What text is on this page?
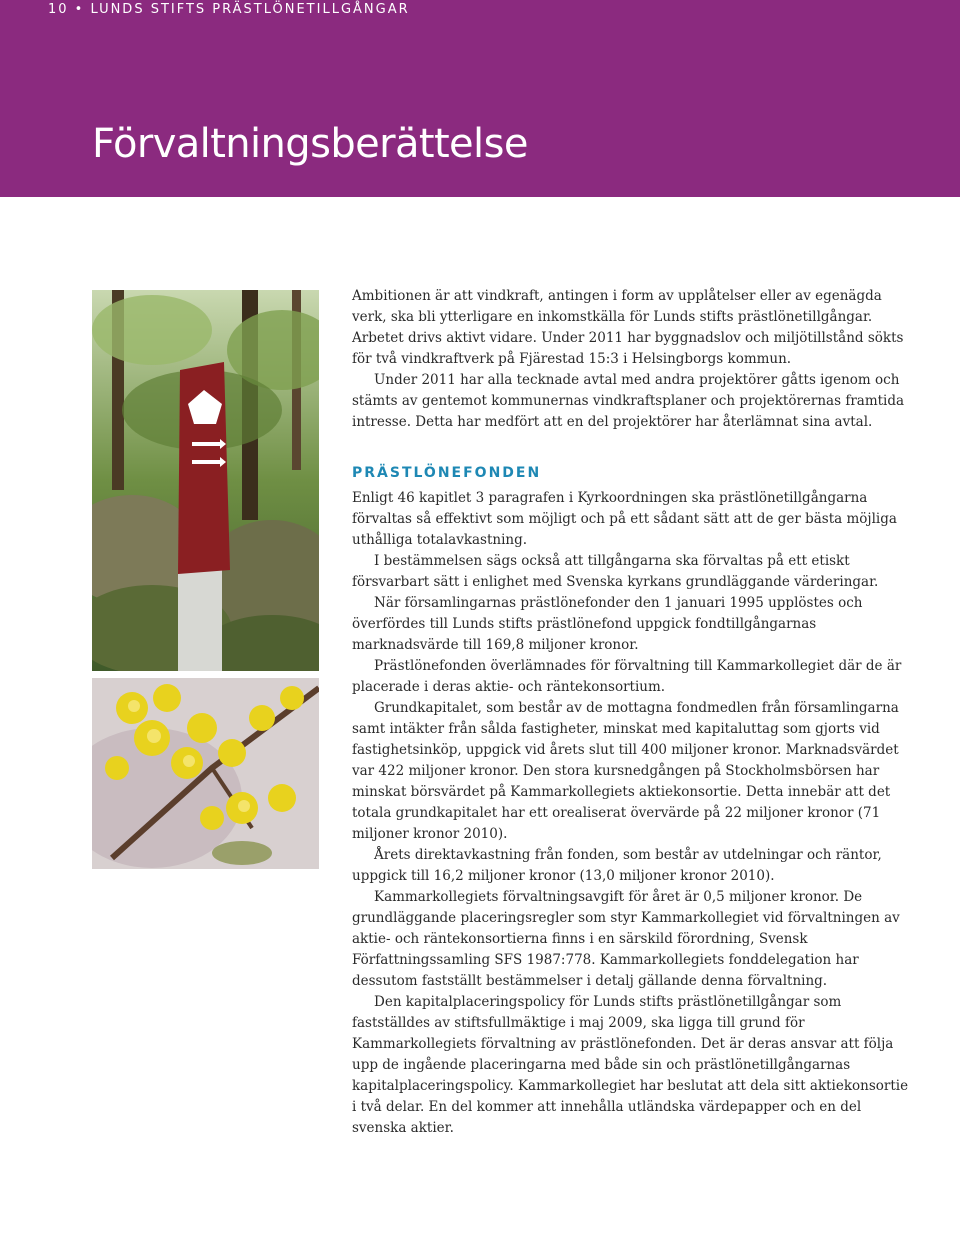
10 • LUNDS STIFTS PRÄSTLÖNETILLGÅNGAR
Förvaltningsberättelse

Ambitionen är att vindkraft, antingen i form av upplåtelser eller av egenägda verk, ska bli ytterligare en inkomstkälla för Lunds stifts prästlönetillgångar. Arbetet drivs aktivt vidare. Under 2011 har byggnadslov och miljötillstånd sökts för två vindkraftverk på Fjärestad 15:3 i Helsingborgs kommun.

Under 2011 har alla tecknade avtal med andra projektörer gåtts igenom och stämts av gentemot kommunernas vindkraftsplaner och projektörernas framtida intresse. Detta har medfört att en del projektörer har återlämnat sina avtal.

PRÄSTLÖNEFONDEN

Enligt 46 kapitlet 3 paragrafen i Kyrkoordningen ska prästlönetillgångarna förvaltas så effektivt som möjligt och på ett sådant sätt att de ger bästa möjliga uthålliga totalavkastning.

I bestämmelsen sägs också att tillgångarna ska förvaltas på ett etiskt försvarbart sätt i enlighet med Svenska kyrkans grundläggande värderingar.

När församlingarnas prästlönefonder den 1 januari 1995 upplöstes och överfördes till Lunds stifts prästlönefond uppgick fondtillgångarnas marknadsvärde till 169,8 miljoner kronor.

Prästlönefonden överlämnades för förvaltning till Kammarkollegiet där de är placerade i deras aktie- och räntekonsortium.

Grundkapitalet, som består av de mottagna fondmedlen från församlingarna samt intäkter från sålda fastigheter, minskat med kapitaluttag som gjorts vid fastighetsinköp, uppgick vid årets slut till 400 miljoner kronor. Marknadsvärdet var 422 miljoner kronor. Den stora kursnedgången på Stockholmsbörsen har minskat börsvärdet på Kammarkollegiets aktiekonsortie. Detta innebär att det totala grundkapitalet har ett orealiserat övervärde på 22 miljoner kronor (71 miljoner kronor 2010).

Årets direktavkastning från fonden, som består av utdelningar och räntor, uppgick till 16,2 miljoner kronor (13,0 miljoner kronor 2010).

Kammarkollegiets förvaltningsavgift för året är 0,5 miljoner kronor. De grundläggande placeringsregler som styr Kammarkollegiet vid förvaltningen av aktie- och räntekonsortierna finns i en särskild förordning, Svensk Författningssamling SFS 1987:778. Kammarkollegiets fonddelegation har dessutom fastställt bestämmelser i detalj gällande denna förvaltning.

Den kapitalplaceringspolicy för Lunds stifts prästlönetillgångar som fastställdes av stiftsfullmäktige i maj 2009, ska ligga till grund för Kammarkollegiets förvaltning av prästlönefonden. Det är deras ansvar att följa upp de ingående placeringarna med både sin och prästlönetillgångarnas kapitalplaceringspolicy. Kammarkollegiet har beslutat att dela sitt aktiekonsortie i två delar. En del kommer att innehålla utländska värdepapper och en del svenska aktier.
